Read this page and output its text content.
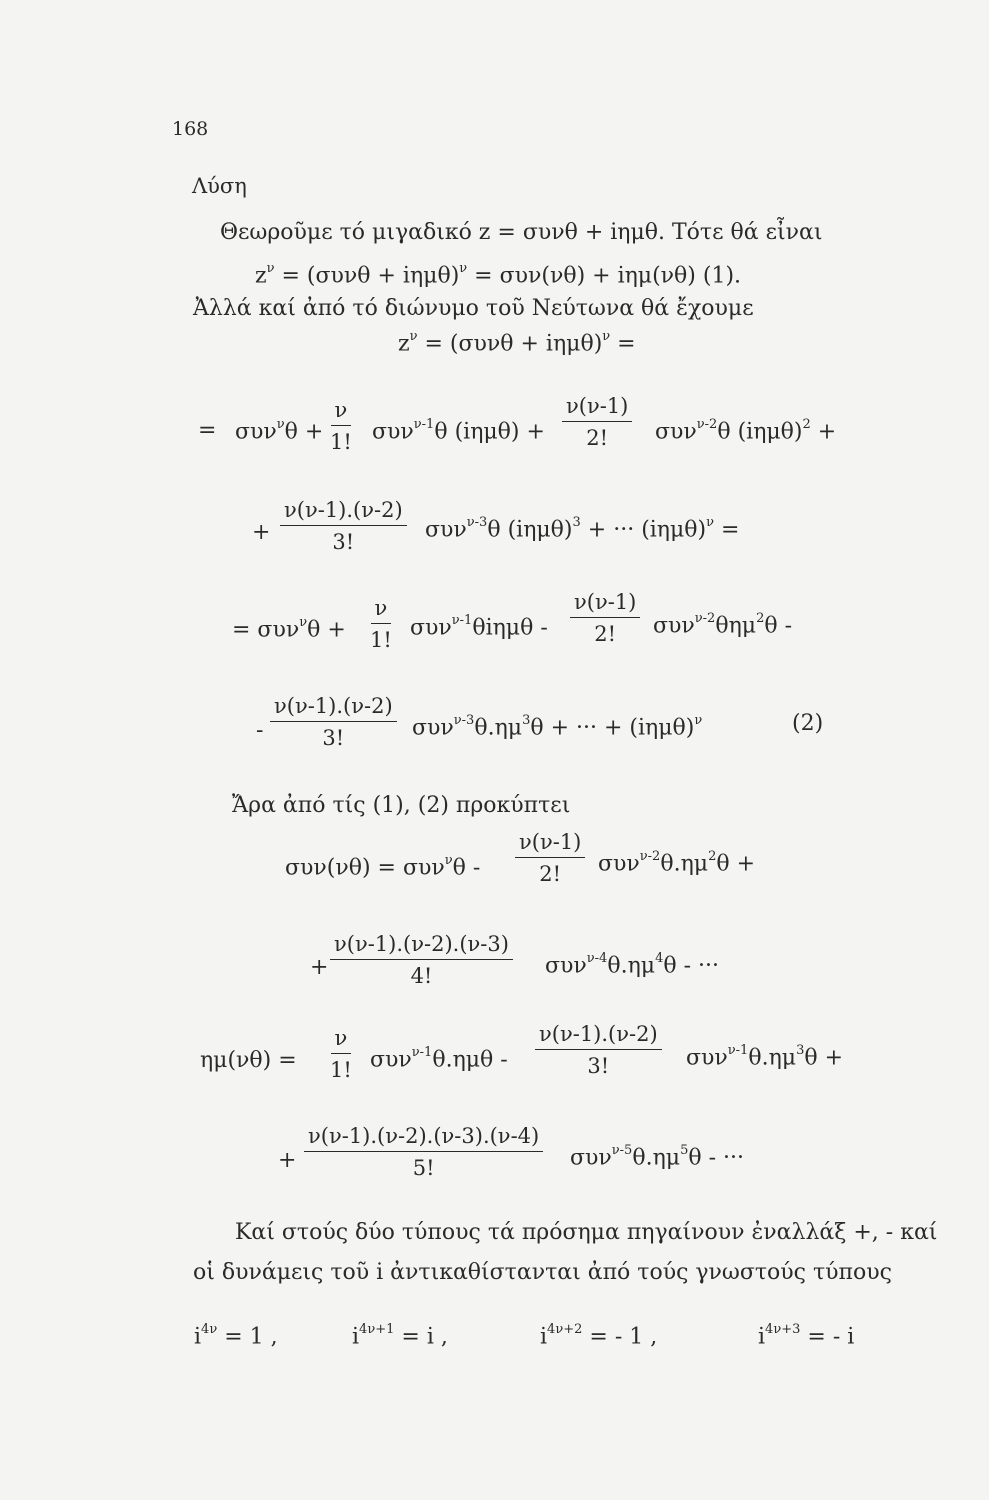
168
Λύση
Θεωροῦμε τό μιγαδικό z = συνθ + iημθ. Τότε θά εἶναι
$z^\nu = (\sigma\upsilon\nu\theta + i\eta\mu\theta)^\nu = \sigma\upsilon\nu(\nu\theta) + i\eta\mu(\nu\theta)$ (1).
Ἀλλά καί ἀπό τό διώνυμο τοῦ Νεύτωνα θά ἔχουμε
$z^\nu = (\sigma\upsilon\nu\theta + i\eta\mu\theta)^\nu$ =
= $\sigma\upsilon\nu^\nu\theta + \frac{\nu}{1!} \sigma\upsilon\nu^{\nu-1}\theta$ $(i\eta\mu\theta) + \frac{\nu(\nu-1)}{2!} \sigma\upsilon\nu^{\nu-2}\theta$ $(i\eta\mu\theta)^2$ +
+ $\frac{\nu(\nu-1).(\nu-2)}{3!} \sigma\upsilon\nu^{\nu-3}\theta$ $(i\eta\mu\theta)^3$ + ··· $(i\eta\mu\theta)^\nu$ =
= $\sigma\upsilon\nu^\nu\theta + \frac{\nu}{1!} \sigma\upsilon\nu^{\nu-1}\theta i\eta\mu\theta - \frac{\nu(\nu-1)}{2!} \sigma\upsilon\nu^{\nu-2}\theta\eta\mu^2\theta$ -
- $\frac{\nu(\nu-1).(\nu-2)}{3!} \sigma\upsilon\nu^{\nu-3}\theta.\eta\mu^3\theta$ + ··· + $(i\eta\mu\theta)^\nu$	(2)
Ἄρα ἀπό τίς (1), (2) προκύπτει
$\sigma\upsilon\nu(\nu\theta) = \sigma\upsilon\nu^\nu\theta - \frac{\nu(\nu-1)}{2!} \sigma\upsilon\nu^{\nu-2}\theta.\eta\mu^2\theta$ +
+ $\frac{\nu(\nu-1).(\nu-2).(\nu-3)}{4!} \sigma\upsilon\nu^{\nu-4}\theta.\eta\mu^4\theta$ - ···
$\eta\mu(\nu\theta) = \frac{\nu}{1!} \sigma\upsilon\nu^{\nu-1}\theta.\eta\mu\theta - \frac{\nu(\nu-1).(\nu-2)}{3!} \sigma\upsilon\nu^{\nu-1}\theta.\eta\mu^3\theta$ +
+ $\frac{\nu(\nu-1).(\nu-2).(\nu-3).(\nu-4)}{5!} \sigma\upsilon\nu^{\nu-5}\theta.\eta\mu^5\theta$ - ···
Καί στούς δύο τύπους τά πρόσημα πηγαίνουν ἐναλλάξ +, - καί
οἱ δυνάμεις τοῦ i ἀντικαθίστανται ἀπό τούς γνωστούς τύπους
$i^{4\nu} = 1$ ,	$i^{4\nu+1} = i$ ,	$i^{4\nu+2}$ = - 1 ,	$i^{4\nu+3}$ = - i
